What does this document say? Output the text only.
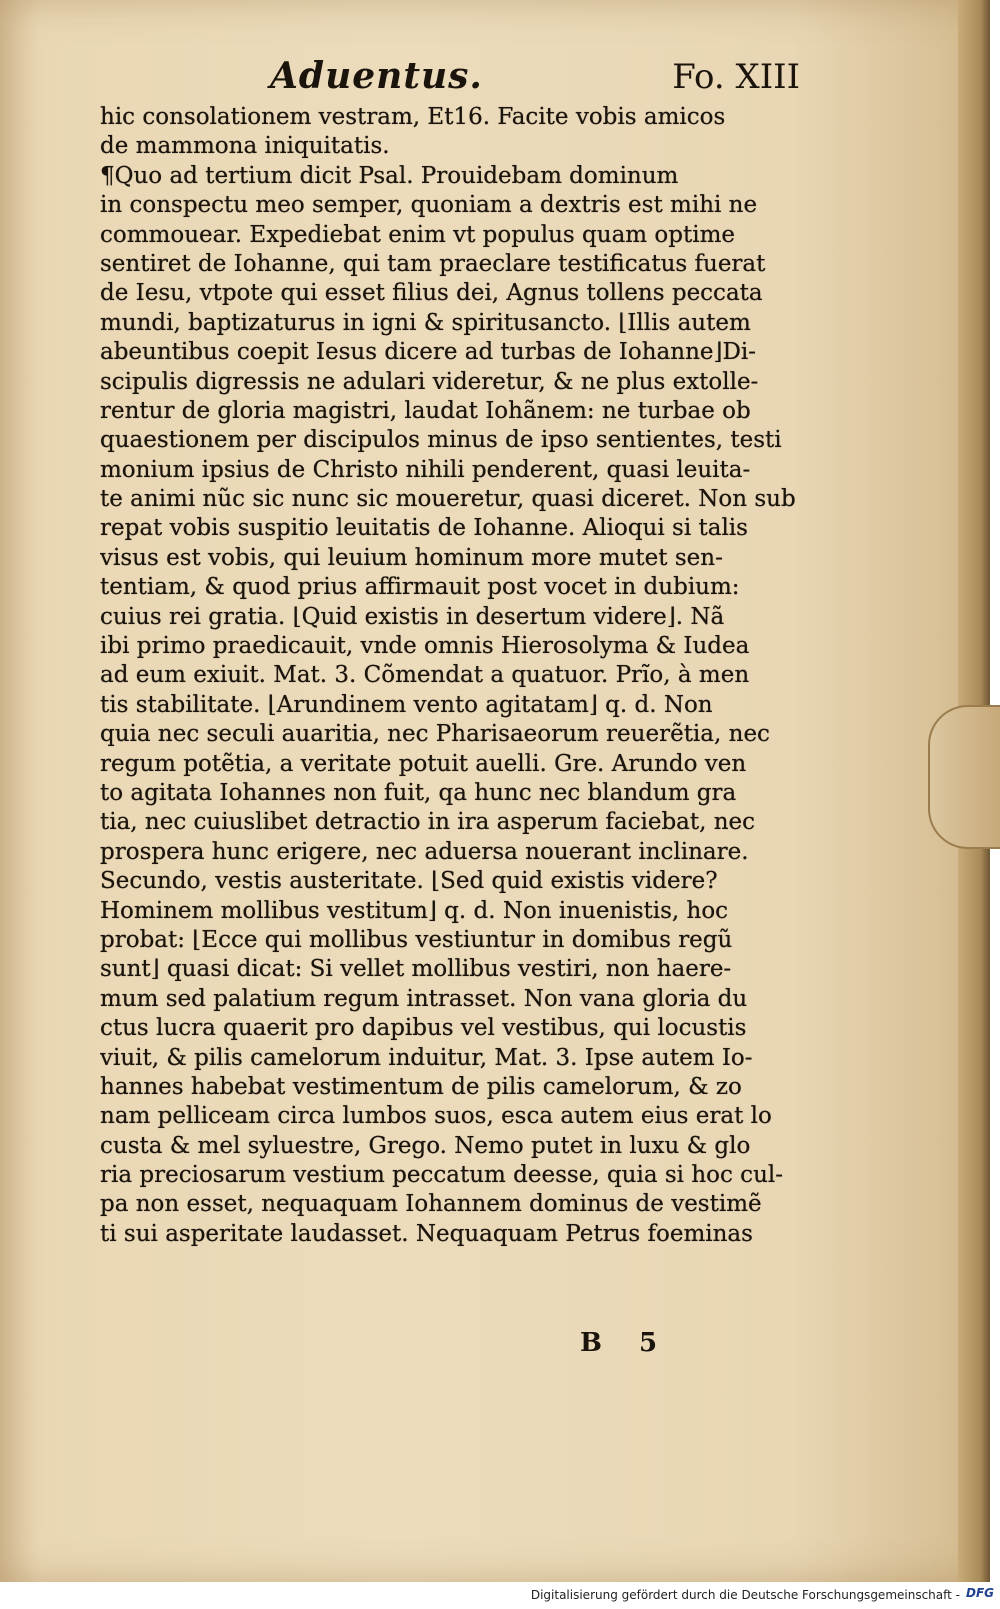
Aduentus.	Fo. XIII
hic consolationem vestram, Et16. Facite vobis amicos
de mammona iniquitatis.
¶Quo ad tertium dicit Psal. Prouidebam dominum
in conspectu meo semper, quoniam a dextris est mihi ne
commouear. Expediebat enim vt populus quam optime
sentiret de Iohanne, qui tam praeclare testificatus fuerat
de Iesu, vtpote qui esset filius dei, Agnus tollens peccata
mundi, baptizaturus in igni & spiritusancto. ⌊Illis autem
abeuntibus coepit Iesus dicere ad turbas de Iohanne⌋Di-
scipulis digressis ne adulari videretur, & ne plus extolle-
rentur de gloria magistri, laudat Iohãnem: ne turbae ob
quaestionem per discipulos minus de ipso sentientes, testi
monium ipsius de Christo nihili penderent, quasi leuita-
te animi nũc sic nunc sic moueretur, quasi diceret. Non sub
repat vobis suspitio leuitatis de Iohanne. Alioqui si talis
visus est vobis, qui leuium hominum more mutet sen-
tentiam, & quod prius affirmauit post vocet in dubium:
cuius rei gratia. ⌊Quid existis in desertum videre⌋. Nã
ibi primo praedicauit, vnde omnis Hierosolyma & Iudea
ad eum exiuit. Mat. 3. Cõmendat a quatuor. Prĩo, à men
tis stabilitate. ⌊Arundinem vento agitatam⌋ q. d. Non
quia nec seculi auaritia, nec Pharisaeorum reuerẽtia, nec
regum potẽtia, a veritate potuit auelli. Gre. Arundo ven
to agitata Iohannes non fuit, qa hunc nec blandum gra
tia, nec cuiuslibet detractio in ira asperum faciebat, nec
prospera hunc erigere, nec aduersa nouerant inclinare.
Secundo, vestis austeritate. ⌊Sed quid existis videre?
Hominem mollibus vestitum⌋ q. d. Non inuenistis, hoc
probat: ⌊Ecce qui mollibus vestiuntur in domibus regũ
sunt⌋ quasi dicat: Si vellet mollibus vestiri, non haere-
mum sed palatium regum intrasset. Non vana gloria du
ctus lucra quaerit pro dapibus vel vestibus, qui locustis
viuit, & pilis camelorum induitur, Mat. 3. Ipse autem Io-
hannes habebat vestimentum de pilis camelorum, & zo
nam pelliceam circa lumbos suos, esca autem eius erat lo
custa & mel syluestre, Grego. Nemo putet in luxu & glo
ria preciosarum vestium peccatum deesse, quia si hoc cul-
pa non esset, nequaquam Iohannem dominus de vestimẽ
ti sui asperitate laudasset. Nequaquam Petrus foeminas
B 5
Digitalisierung gefördert durch die Deutsche Forschungsgemeinschaft - DFG
